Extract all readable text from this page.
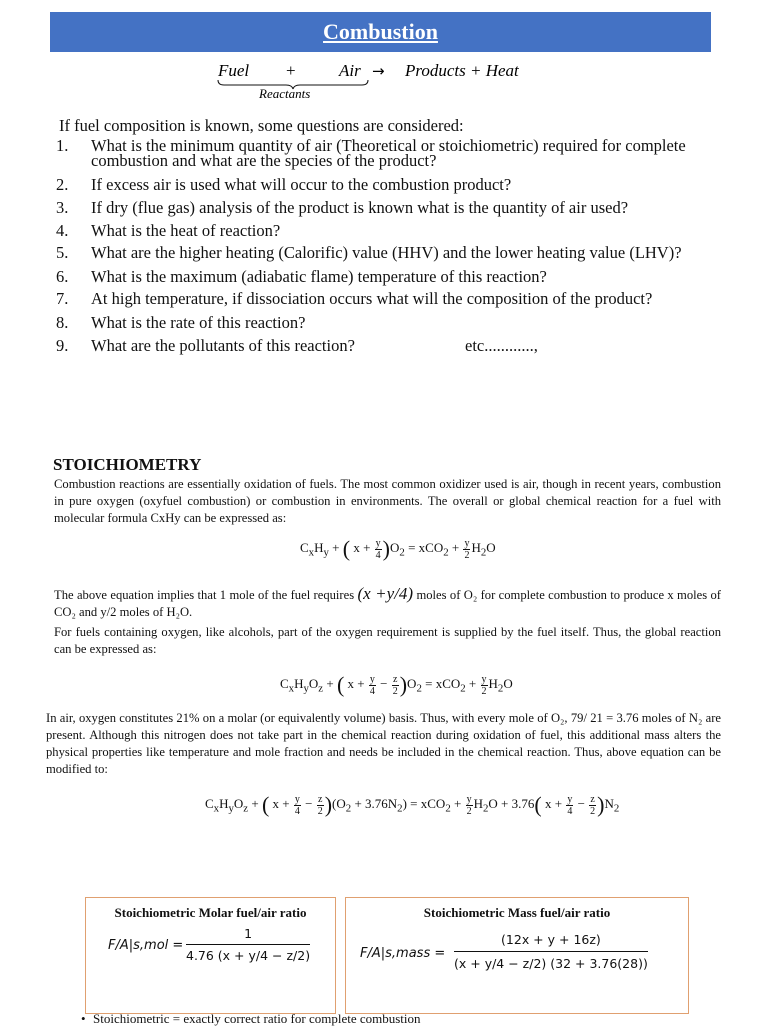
Combustion
Fuel +	Air → Products + Heat
Reactants
If fuel composition is known, some questions are considered:
1. What is the minimum quantity of air (Theoretical or stoichiometric) required for complete combustion and what are the species of the product?
2. If excess air is used what will occur to the combustion product?
3. If dry (flue gas) analysis of the product is known what is the quantity of air used?
4. What is the heat of reaction?
5. What are the higher heating (Calorific) value (HHV) and the lower heating value (LHV)?
6. What is the maximum (adiabatic flame) temperature of this reaction?
7. At high temperature, if dissociation occurs what will the composition of the product?
8. What is the rate of this reaction?
9. What are the pollutants of this reaction?	etc............,
STOICHIOMETRY
Combustion reactions are essentially oxidation of fuels. The most common oxidizer used is air, though in recent years, combustion in pure oxygen (oxyfuel combustion) or combustion in environments. The overall or global chemical reaction for a fuel with molecular formula CxHy can be expressed as:
$C_xH_y$ + ( $x + \frac{y}{4} )O_2 = xCO_2 + \frac{y}{2} H_2O$
The above equation implies that 1 mole of the fuel requires (x +y/4) moles of O₂ for complete combustion to produce x moles of CO₂ and y/2 moles of H₂O.
For fuels containing oxygen, like alcohols, part of the oxygen requirement is supplied by the fuel itself. Thus, the global reaction can be expressed as:
$C_xH_yO_z$ + ( $x + \frac{y}{4} - \frac{z}{2} )O_2 = xCO_2 + \frac{y}{2} H_2O$
In air, oxygen constitutes 21% on a molar (or equivalently volume) basis. Thus, with every mole of O₂, 79/ 21 = 3.76 moles of N₂ are present. Although this nitrogen does not take part in the chemical reaction during oxidation of fuel, this additional mass alters the physical properties like temperature and mole fraction and needs be included in the chemical reaction. Thus, above equation can be modified to:
$C_xH_yO_z$ + ( $x + \frac{y}{4} - \frac{z}{2} )(O_2 + 3.76N_2) = xCO_2 + \frac{y}{2} H_2O + 3.76$( $x + \frac{y}{4} - \frac{z}{2} )N_2$
Stoichiometric Molar fuel/air ratio
F/A|s,mol =
1
4.76 (x + y/4 − z/2)
Stoichiometric Mass fuel/air ratio
F/A|s,mass =
(12x + y + 16z)
(x + y/4 − z/2) (32 + 3.76(28))
• Stoichiometric = exactly correct ratio for complete combustion
